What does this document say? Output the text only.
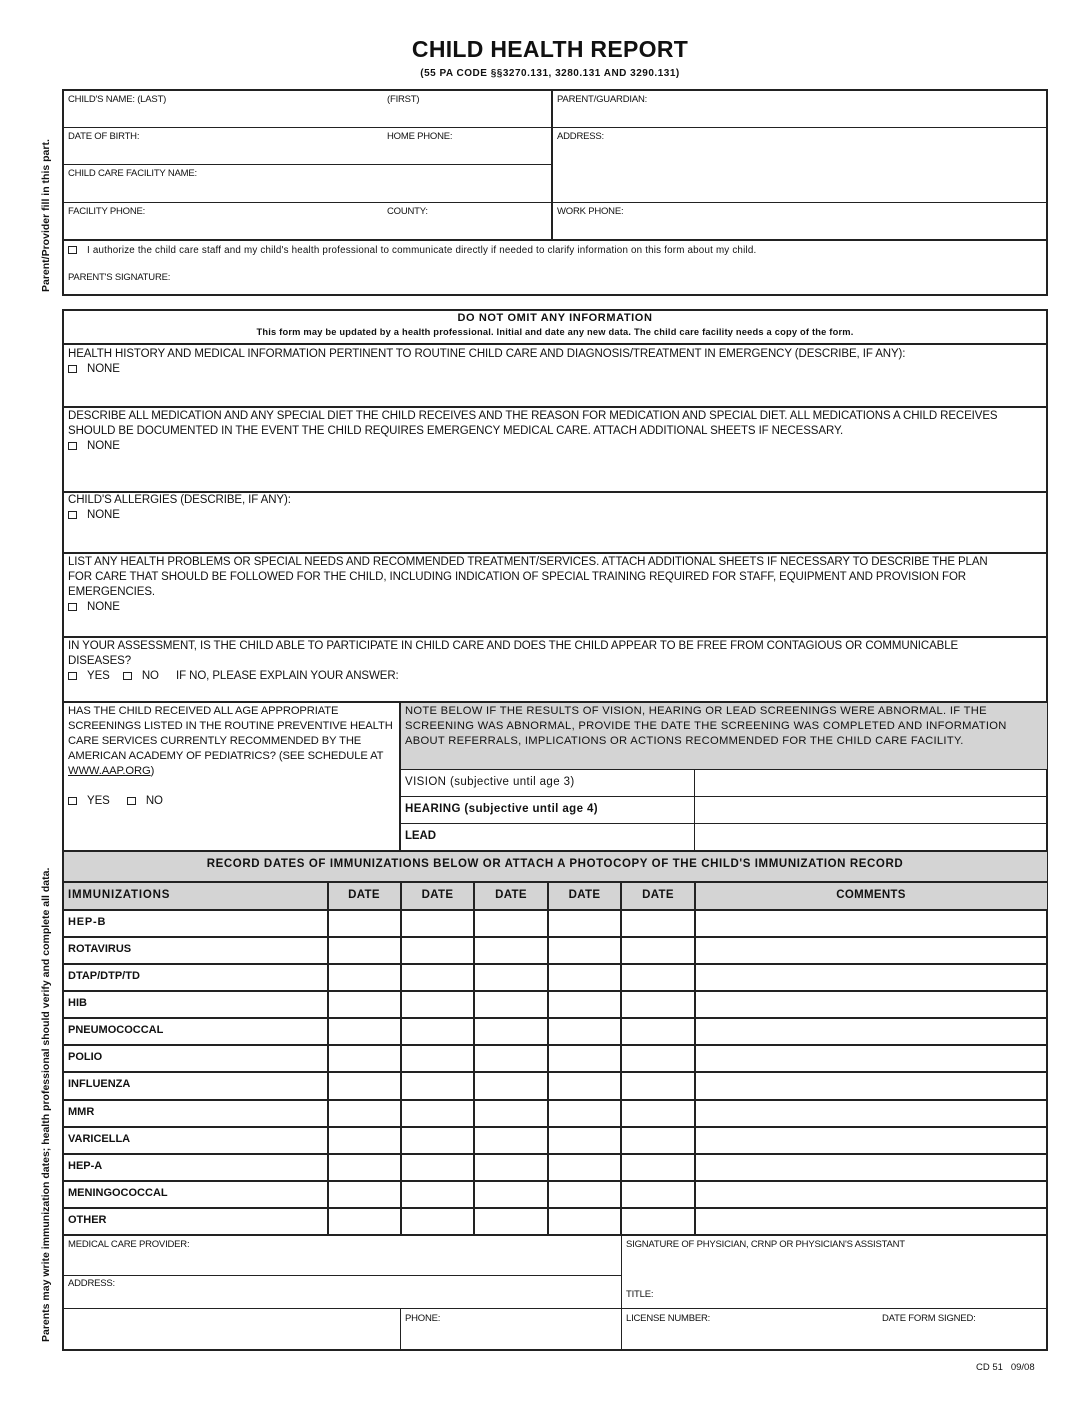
CHILD HEALTH REPORT
(55 PA CODE §§3270.131, 3280.131 AND 3290.131)
Parent/Provider fill in this part.
Parents may write immunization dates; health professional should verify and complete all data.
CHILD'S NAME: (LAST)	(FIRST)	PARENT/GUARDIAN:
DATE OF BIRTH:	HOME PHONE:	ADDRESS:
CHILD CARE FACILITY NAME:
FACILITY PHONE:	COUNTY:	WORK PHONE:
I authorize the child care staff and my child's health professional to communicate directly if needed to clarify information on this form about my child.
PARENT'S SIGNATURE:
DO NOT OMIT ANY INFORMATION
This form may be updated by a health professional. Initial and date any new data. The child care facility needs a copy of the form.
HEALTH HISTORY AND MEDICAL INFORMATION PERTINENT TO ROUTINE CHILD CARE AND DIAGNOSIS/TREATMENT IN EMERGENCY (DESCRIBE, IF ANY):
NONE
DESCRIBE ALL MEDICATION AND ANY SPECIAL DIET THE CHILD RECEIVES AND THE REASON FOR MEDICATION AND SPECIAL DIET. ALL MEDICATIONS A CHILD RECEIVES SHOULD BE DOCUMENTED IN THE EVENT THE CHILD REQUIRES EMERGENCY MEDICAL CARE. ATTACH ADDITIONAL SHEETS IF NECESSARY.
NONE
CHILD'S ALLERGIES (DESCRIBE, IF ANY):
NONE
LIST ANY HEALTH PROBLEMS OR SPECIAL NEEDS AND RECOMMENDED TREATMENT/SERVICES. ATTACH ADDITIONAL SHEETS IF NECESSARY TO DESCRIBE THE PLAN FOR CARE THAT SHOULD BE FOLLOWED FOR THE CHILD, INCLUDING INDICATION OF SPECIAL TRAINING REQUIRED FOR STAFF, EQUIPMENT AND PROVISION FOR EMERGENCIES.
NONE
IN YOUR ASSESSMENT, IS THE CHILD ABLE TO PARTICIPATE IN CHILD CARE AND DOES THE CHILD APPEAR TO BE FREE FROM CONTAGIOUS OR COMMUNICABLE DISEASES?
YES	NO IF NO, PLEASE EXPLAIN YOUR ANSWER:
HAS THE CHILD RECEIVED ALL AGE APPROPRIATE SCREENINGS LISTED IN THE ROUTINE PREVENTIVE HEALTH CARE SERVICES CURRENTLY RECOMMENDED BY THE AMERICAN ACADEMY OF PEDIATRICS? (SEE SCHEDULE AT WWW.AAP.ORG)
YES	NO
NOTE BELOW IF THE RESULTS OF VISION, HEARING OR LEAD SCREENINGS WERE ABNORMAL. IF THE SCREENING WAS ABNORMAL, PROVIDE THE DATE THE SCREENING WAS COMPLETED AND INFORMATION ABOUT REFERRALS, IMPLICATIONS OR ACTIONS RECOMMENDED FOR THE CHILD CARE FACILITY.
VISION (subjective until age 3)
HEARING (subjective until age 4)
LEAD
RECORD DATES OF IMMUNIZATIONS BELOW OR ATTACH A PHOTOCOPY OF THE CHILD'S IMMUNIZATION RECORD
IMMUNIZATIONS	DATE	DATE	DATE	DATE	DATE	COMMENTS
HEP-B
ROTAVIRUS
DTAP/DTP/TD
HIB
PNEUMOCOCCAL
POLIO
INFLUENZA
MMR
VARICELLA
HEP-A
MENINGOCOCCAL
OTHER
MEDICAL CARE PROVIDER:
ADDRESS:
PHONE:
SIGNATURE OF PHYSICIAN, CRNP OR PHYSICIAN'S ASSISTANT
TITLE:
LICENSE NUMBER:	DATE FORM SIGNED:
CD 51   09/08
